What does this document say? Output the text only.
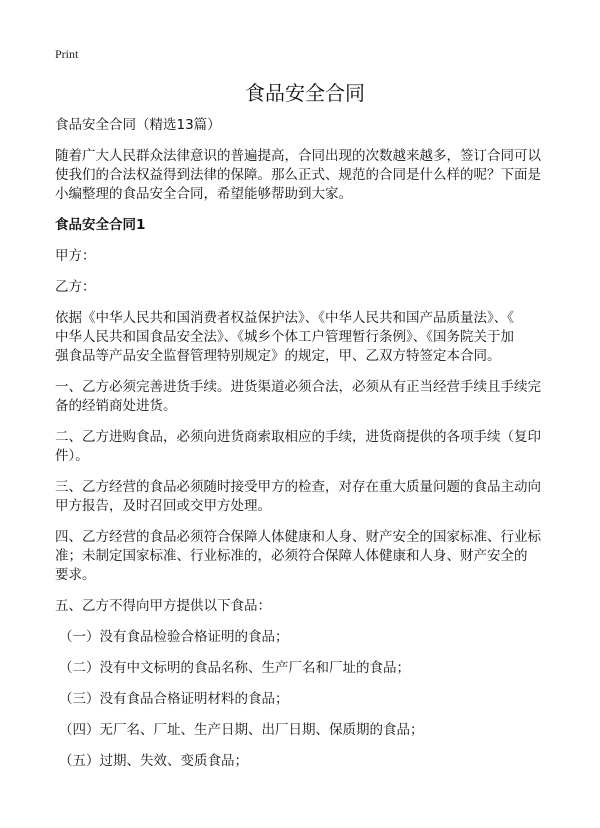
Print
食品安全合同

食品安全合同（精选13篇）

随着广大人民群众法律意识的普遍提高，合同出现的次数越来越多，签订合同可以
使我们的合法权益得到法律的保障。那么正式、规范的合同是什么样的呢？下面是
小编整理的食品安全合同，希望能够帮助到大家。

食品安全合同1

甲方：

乙方：

依据《中华人民共和国消费者权益保护法》、《中华人民共和国产品质量法》、《
中华人民共和国食品安全法》、《城乡个体工户管理暂行条例》、《国务院关于加
强食品等产品安全监督管理特别规定》的规定，甲、乙双方特签定本合同。

一、乙方必须完善进货手续。进货渠道必须合法，必须从有正当经营手续且手续完
备的经销商处进货。

二、乙方进购食品，必须向进货商索取相应的手续，进货商提供的各项手续（复印
件）。

三、乙方经营的食品必须随时接受甲方的检查，对存在重大质量问题的食品主动向
甲方报告，及时召回或交甲方处理。

四、乙方经营的食品必须符合保障人体健康和人身、财产安全的国家标准、行业标
准；未制定国家标准、行业标准的，必须符合保障人体健康和人身、财产安全的
要求。

五、乙方不得向甲方提供以下食品：

（一）没有食品检验合格证明的食品；

（二）没有中文标明的食品名称、生产厂名和厂址的食品；

（三）没有食品合格证明材料的食品；

（四）无厂名、厂址、生产日期、出厂日期、保质期的食品；

（五）过期、失效、变质食品；
